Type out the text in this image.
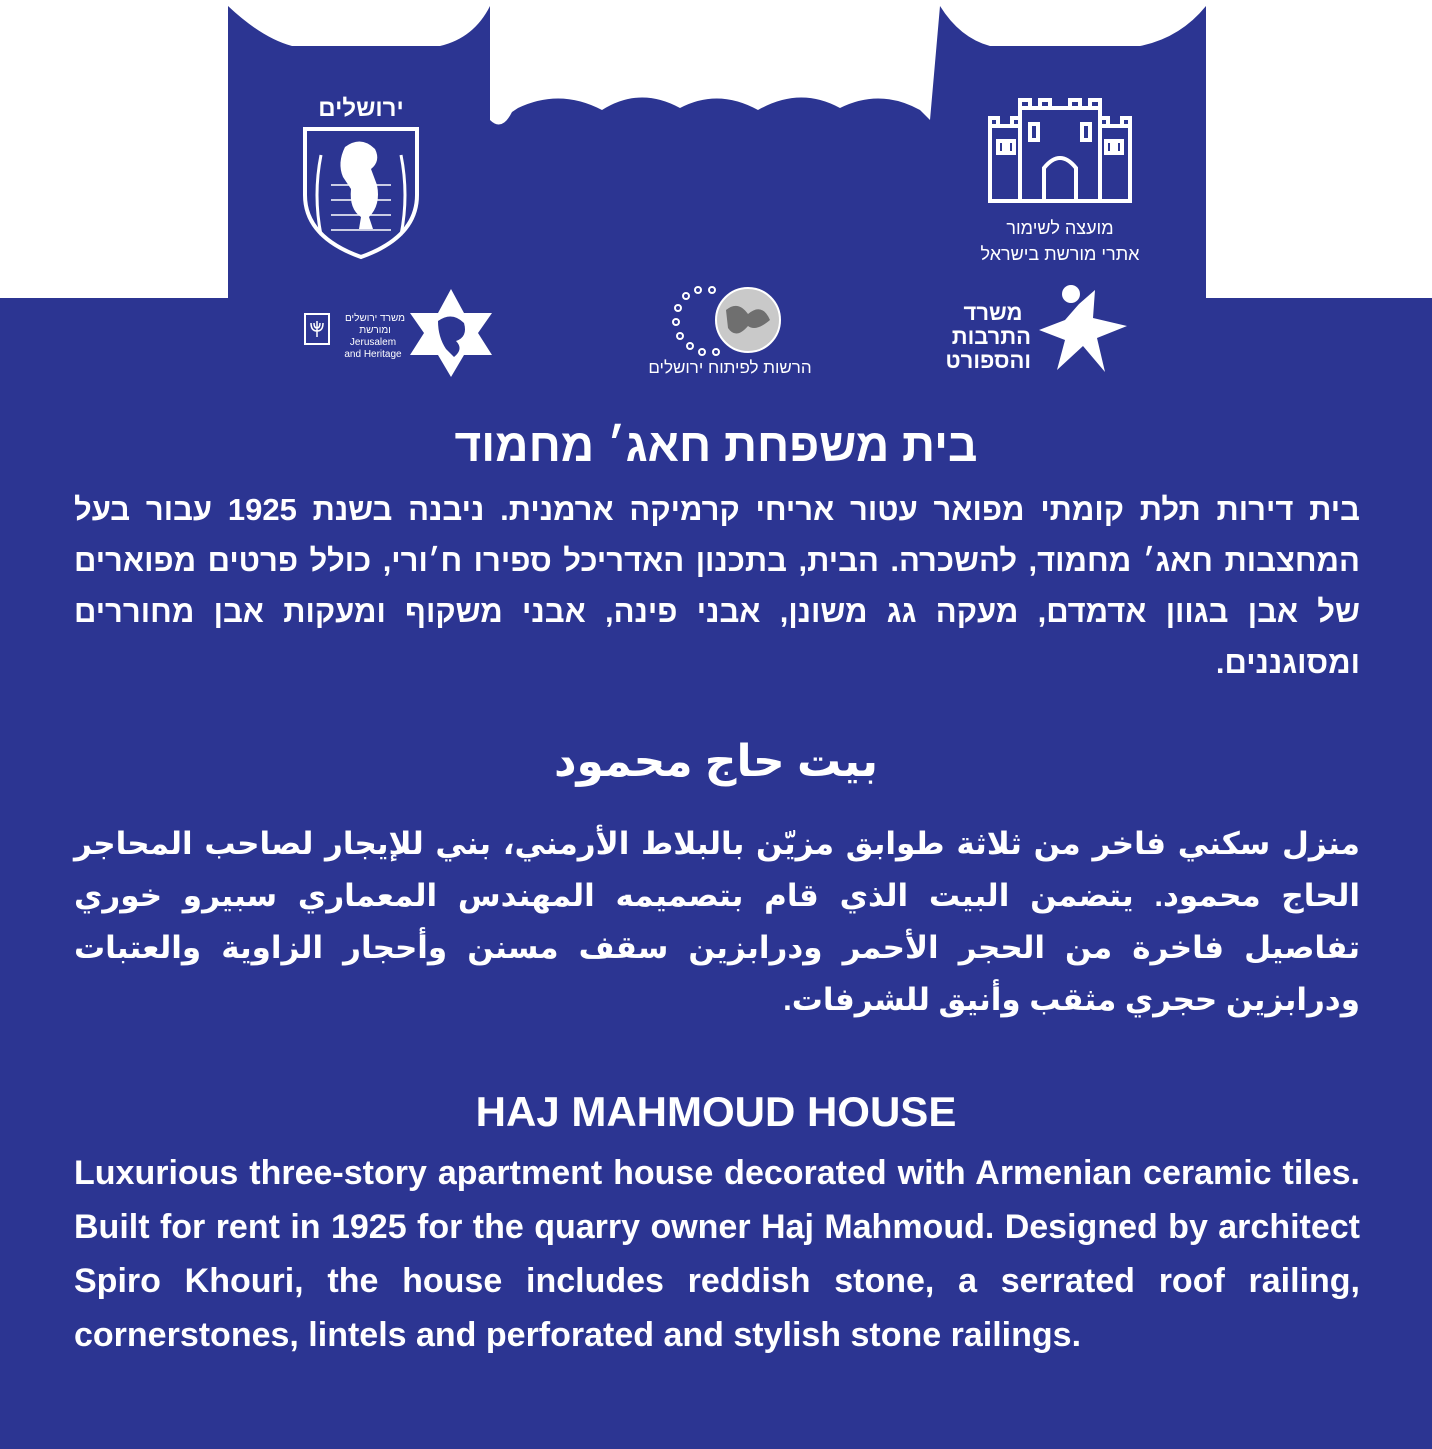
מועצה לשימור
אתרי מורשת בישראל
ירושלים
משרד ירושלים
ומורשת
Jerusalem
and Heritage
הרשות לפיתוח ירושלים
משרד
התרבות
והספורט
בית משפחת חאג׳ מחמוד
בית דירות תלת קומתי מפואר עטור אריחי קרמיקה ארמנית. ניבנה בשנת 1925 עבור בעל המחצבות חאג׳ מחמוד, להשכרה. הבית, בתכנון האדריכל ספירו ח׳ורי, כולל פרטים מפוארים של אבן בגוון אדמדם, מעקה גג משונן, אבני פינה, אבני משקוף ומעקות אבן מחוררים ומסוגננים.
بيت حاج محمود
منزل سكني فاخر من ثلاثة طوابق مزيّن بالبلاط الأرمني، بني للإيجار لصاحب المحاجر الحاج محمود. يتضمن البيت الذي قام بتصميمه المهندس المعماري سبيرو خوري تفاصيل فاخرة من الحجر الأحمر ودرابزين سقف مسنن وأحجار الزاوية والعتبات ودرابزين حجري مثقب وأنيق للشرفات.
HAJ MAHMOUD HOUSE
Luxurious three-story apartment house decorated with Armenian ceramic tiles. Built for rent in 1925 for the quarry owner Haj Mahmoud. Designed by architect Spiro Khouri, the house includes reddish stone, a serrated roof railing, cornerstones, lintels and perforated and stylish stone railings.
